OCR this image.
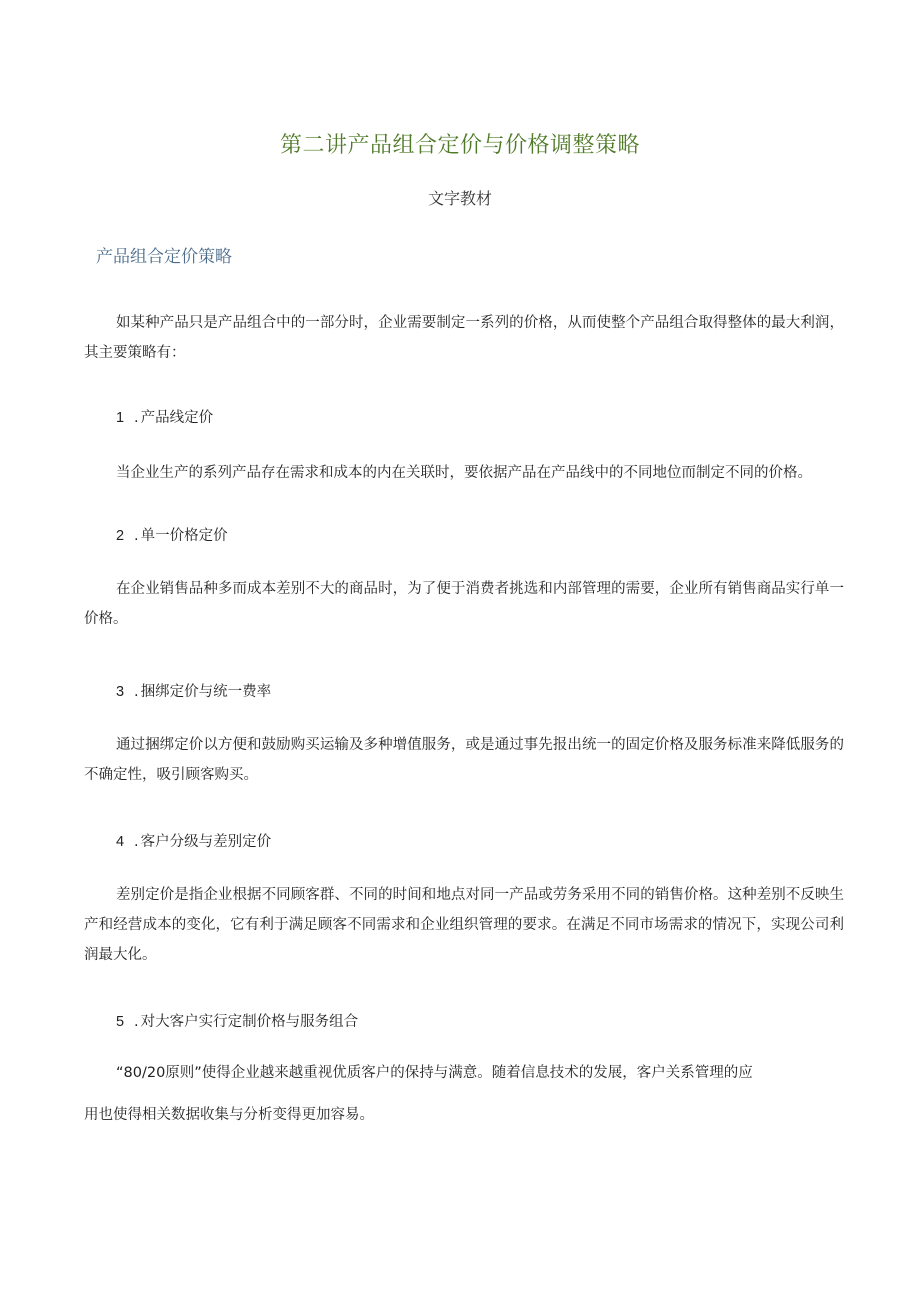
第二讲产品组合定价与价格调整策略
文字教材
产品组合定价策略
如某种产品只是产品组合中的一部分时，企业需要制定一系列的价格，从而使整个产品组合取得整体的最大利润，其主要策略有：
1 . 产品线定价
当企业生产的系列产品存在需求和成本的内在关联时，要依据产品在产品线中的不同地位而制定不同的价格。
2 . 单一价格定价
在企业销售品种多而成本差别不大的商品时，为了便于消费者挑选和内部管理的需要，企业所有销售商品实行单一价格。
3 . 捆绑定价与统一费率
通过捆绑定价以方便和鼓励购买运输及多种增值服务，或是通过事先报出统一的固定价格及服务标准来降低服务的不确定性，吸引顾客购买。
4 . 客户分级与差别定价
差别定价是指企业根据不同顾客群、不同的时间和地点对同一产品或劳务采用不同的销售价格。这种差别不反映生产和经营成本的变化，它有利于满足顾客不同需求和企业组织管理的要求。在满足不同市场需求的情况下，实现公司利润最大化。
5 . 对大客户实行定制价格与服务组合
“80/20原则”使得企业越来越重视优质客户的保持与满意。随着信息技术的发展，客户关系管理的应
用也使得相关数据收集与分析变得更加容易。
